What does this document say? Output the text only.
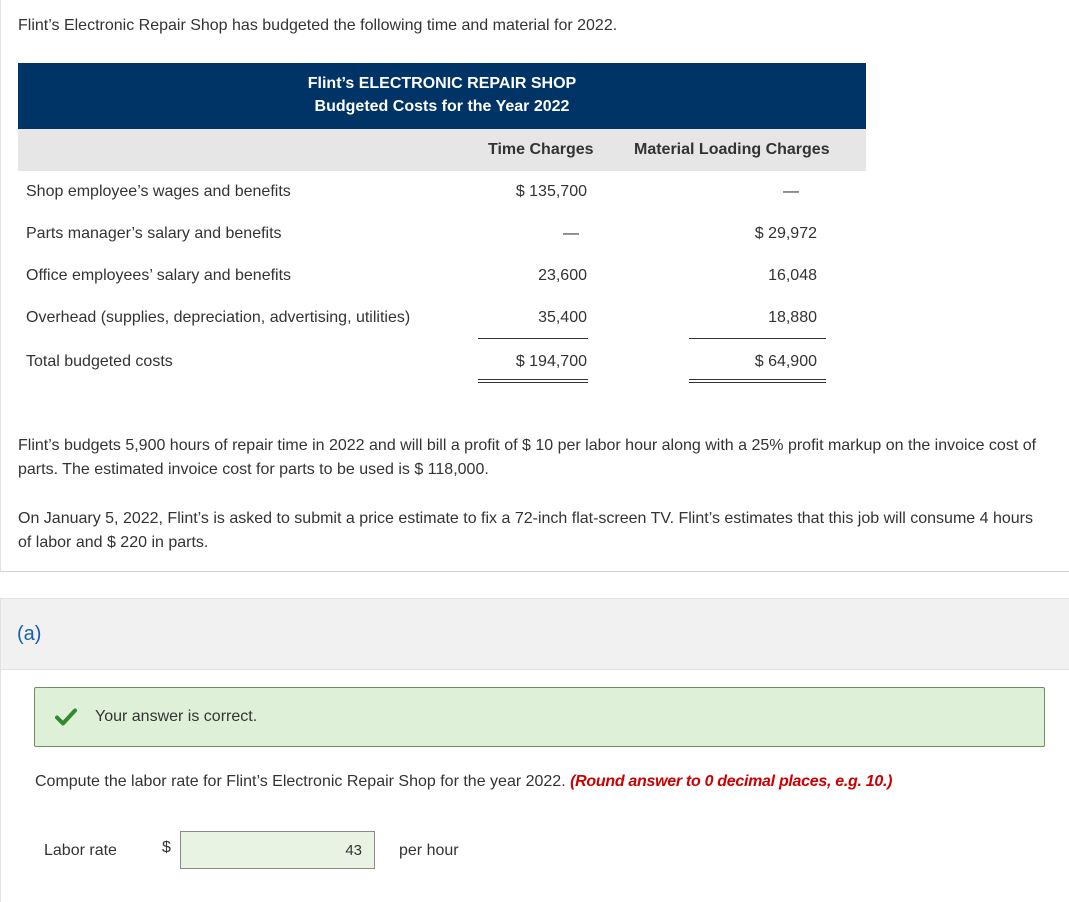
Flint’s Electronic Repair Shop has budgeted the following time and material for 2022.
Flint’s ELECTRONIC REPAIR SHOP
Budgeted Costs for the Year 2022
Time Charges	Material Loading Charges
Shop employee’s wages and benefits	$ 135,700	—
Parts manager’s salary and benefits	—	$ 29,972
Office employees’ salary and benefits	23,600	16,048
Overhead (supplies, depreciation, advertising, utilities)	35,400	18,880
Total budgeted costs	$ 194,700	$ 64,900
Flint’s budgets 5,900 hours of repair time in 2022 and will bill a profit of $ 10 per labor hour along with a 25% profit markup on the invoice cost of parts. The estimated invoice cost for parts to be used is $ 118,000.
On January 5, 2022, Flint’s is asked to submit a price estimate to fix a 72-inch flat-screen TV. Flint’s estimates that this job will consume 4 hours of labor and $ 220 in parts.
(a)
Your answer is correct.
Compute the labor rate for Flint’s Electronic Repair Shop for the year 2022. (Round answer to 0 decimal places, e.g. 10.)
Labor rate	$	43	per hour
